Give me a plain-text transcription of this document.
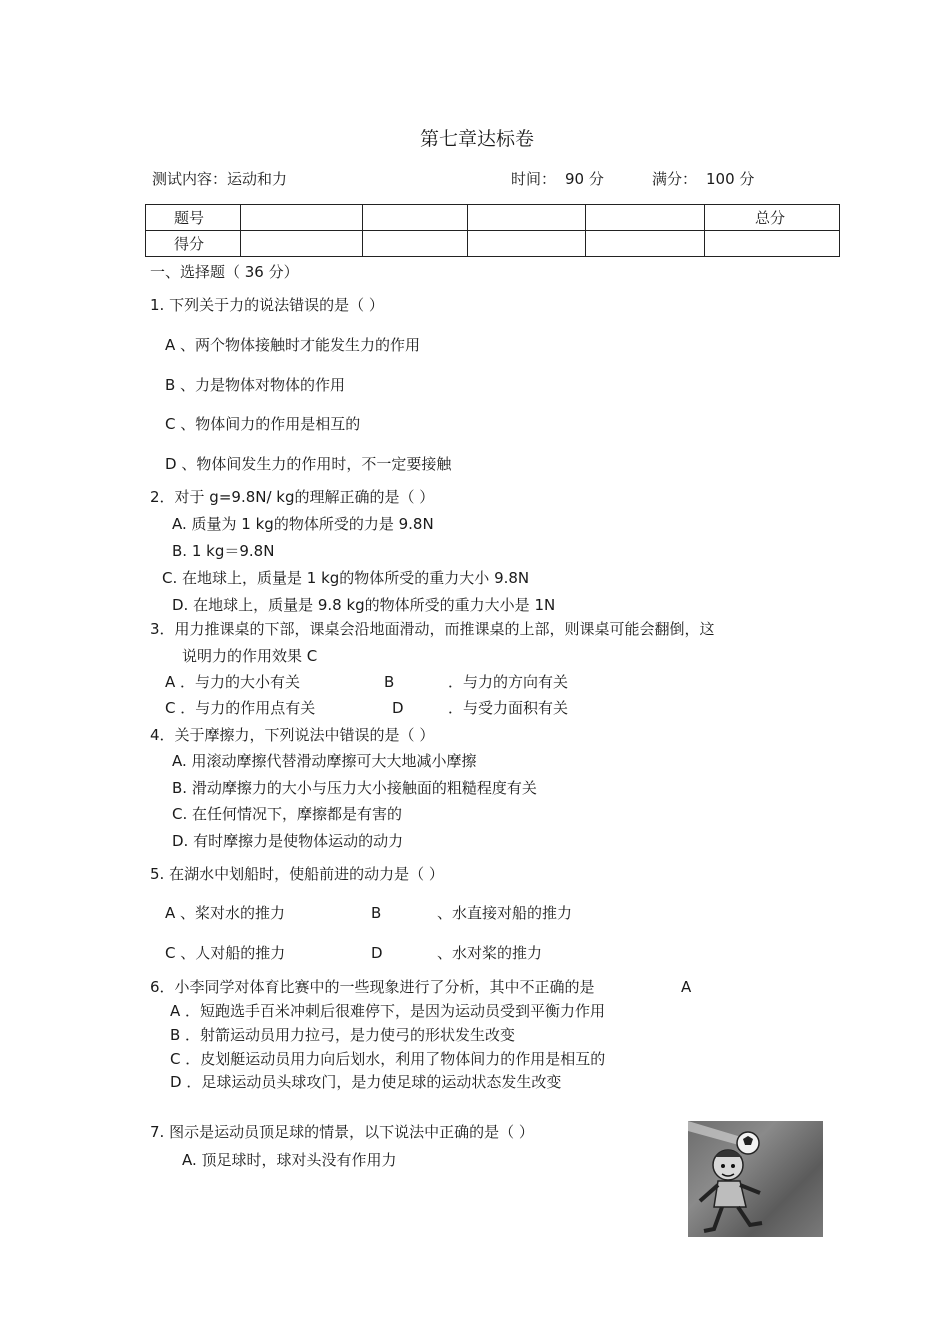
第七章达标卷
测试内容：运动和力	时间： 90 分	满分： 100 分
题号					总分
得分					
一、选择题（ 36 分）
1. 下列关于力的说法错误的是（ ）
A 、两个物体接触时才能发生力的作用
B 、力是物体对物体的作用
C 、物体间力的作用是相互的
D 、物体间发生力的作用时，不一定要接触
2．对于 g=9.8N/ kg的理解正确的是（ ）
A. 质量为 1 kg的物体所受的力是 9.8N
B. 1 kg＝9.8N
C. 在地球上，质量是 1 kg的物体所受的重力大小 9.8N
D. 在地球上，质量是 9.8 kg的物体所受的重力大小是 1N
3．用力推课桌的下部，课桌会沿地面滑动，而推课桌的上部，则课桌可能会翻倒，这
说明力的作用效果 C
A ．与力的大小有关	B	．与力的方向有关
C ．与力的作用点有关	D	．与受力面积有关
4．关于摩擦力，下列说法中错误的是（ ）
A. 用滚动摩擦代替滑动摩擦可大大地减小摩擦
B. 滑动摩擦力的大小与压力大小接触面的粗糙程度有关
C. 在任何情况下，摩擦都是有害的
D. 有时摩擦力是使物体运动的动力
5. 在湖水中划船时，使船前进的动力是（ ）
A 、桨对水的推力	B	、水直接对船的推力
C 、人对船的推力	D	、水对桨的推力
6．小李同学对体育比赛中的一些现象进行了分析，其中不正确的是	A
A ．短跑选手百米冲刺后很难停下，是因为运动员受到平衡力作用
B ．射箭运动员用力拉弓，是力使弓的形状发生改变
C ．皮划艇运动员用力向后划水，利用了物体间力的作用是相互的
D ．足球运动员头球攻门，是力使足球的运动状态发生改变
7. 图示是运动员顶足球的情景，以下说法中正确的是（ ）
A. 顶足球时，球对头没有作用力
